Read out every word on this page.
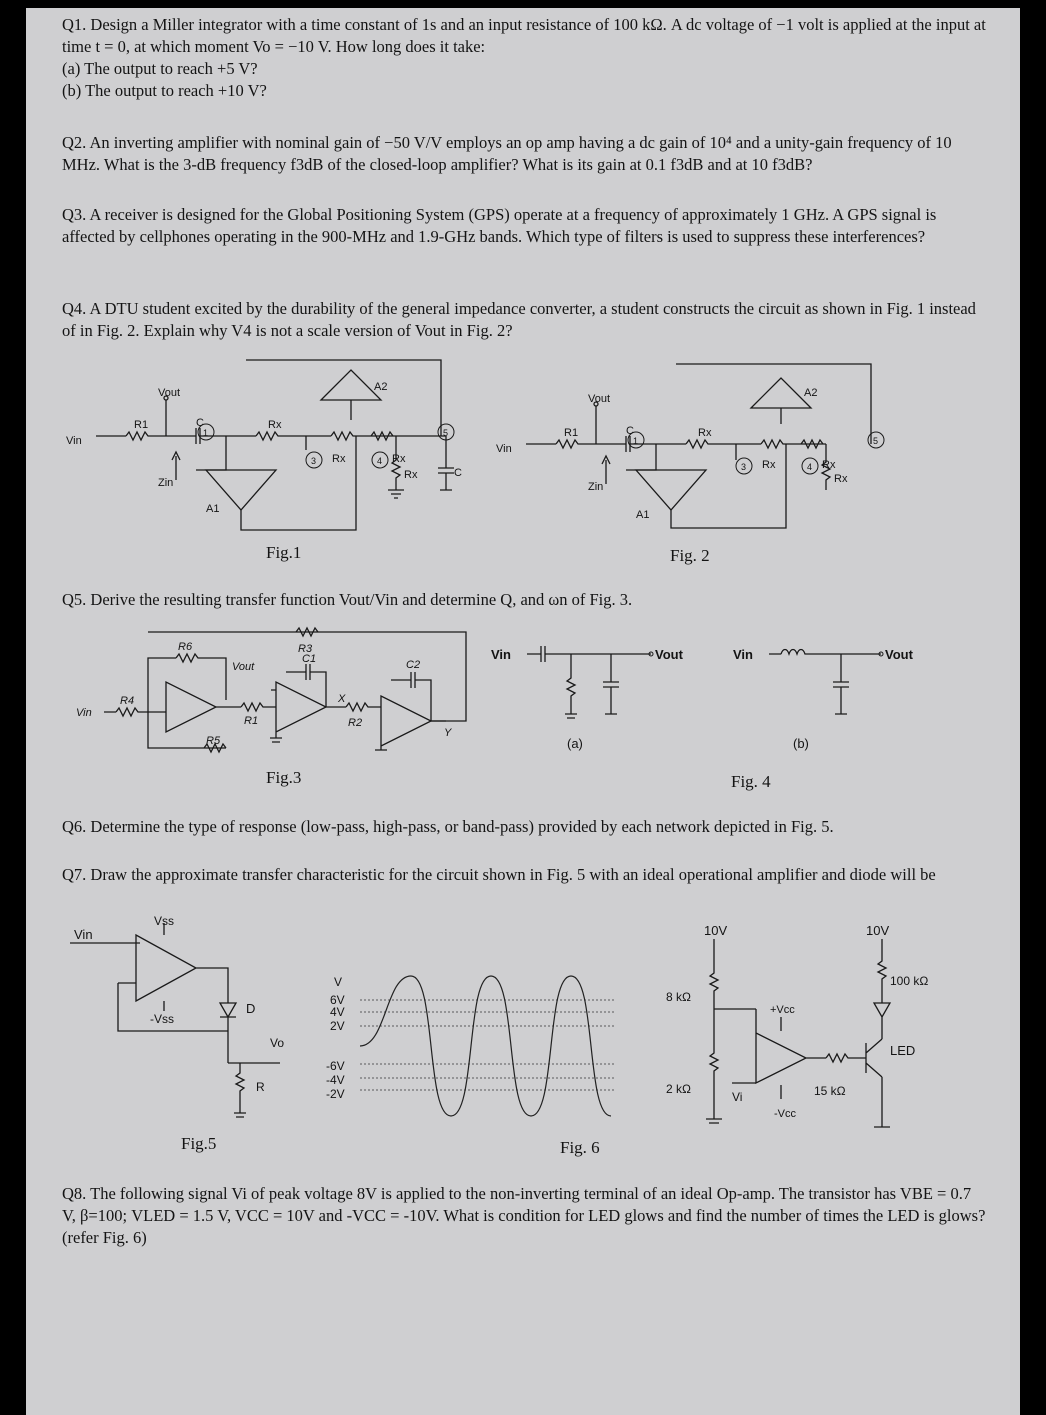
Q1. Design a Miller integrator with a time constant of 1s and an input resistance of 100 kΩ. A dc voltage of −1 volt is applied at the input at time t = 0, at which moment Vo = −10 V. How long does it take:

(a) The output to reach +5 V?

(b) The output to reach +10 V?

Q2. An inverting amplifier with nominal gain of −50 V/V employs an op amp having a dc gain of 10⁴ and a unity-gain frequency of 10 MHz. What is the 3-dB frequency f3dB of the closed-loop amplifier? What is its gain at 0.1 f3dB and at 10 f3dB?

Q3. A receiver is designed for the Global Positioning System (GPS) operate at a frequency of approximately 1 GHz. A GPS signal is affected by cellphones operating in the 900-MHz and 1.9-GHz bands. Which type of filters is used to suppress these interferences?

Q4. A DTU student excited by the durability of the general impedance converter, a student constructs the circuit as shown in Fig. 1 instead of in Fig. 2. Explain why V4 is not a scale version of Vout in Fig. 2?

Vin
Vout
R1	C	Rx
Rx	Rx
Rx	C
Zin
A1
A2
1
3	4
5
Vin
Vout
R1	C	Rx
Rx	Rx
Rx
Zin
A1
A2
1
3	4
5
Fig.1	Fig. 2

Q5. Derive the resulting transfer function Vout/Vin and determine Q, and ωn of Fig. 3.

Vin
R4
R6
R5
R3
R1
C1	C2
R2
Vout
X
Y
Vin	Vout	Vin	Vout
(a)	(b)
Fig.3	Fig. 4

Q6. Determine the type of response (low-pass, high-pass, or band-pass) provided by each network depicted in Fig. 5.

Q7. Draw the approximate transfer characteristic for the circuit shown in Fig. 5 with an ideal operational amplifier and diode will be

Vin
Vss
-Vss
D
Vo
R
V
6V
4V
2V
-6V
-4V
-2V
10V	10V
8 kΩ
2 kΩ
+Vcc
-Vcc
Vi	15 kΩ
100 kΩ
LED
Fig.5	Fig. 6

Q8. The following signal Vi of peak voltage 8V is applied to the non-inverting terminal of an ideal Op-amp. The transistor has VBE = 0.7 V, β=100; VLED = 1.5 V, VCC = 10V and -VCC = -10V. What is condition for LED glows and find the number of times the LED is glows? (refer Fig. 6)
